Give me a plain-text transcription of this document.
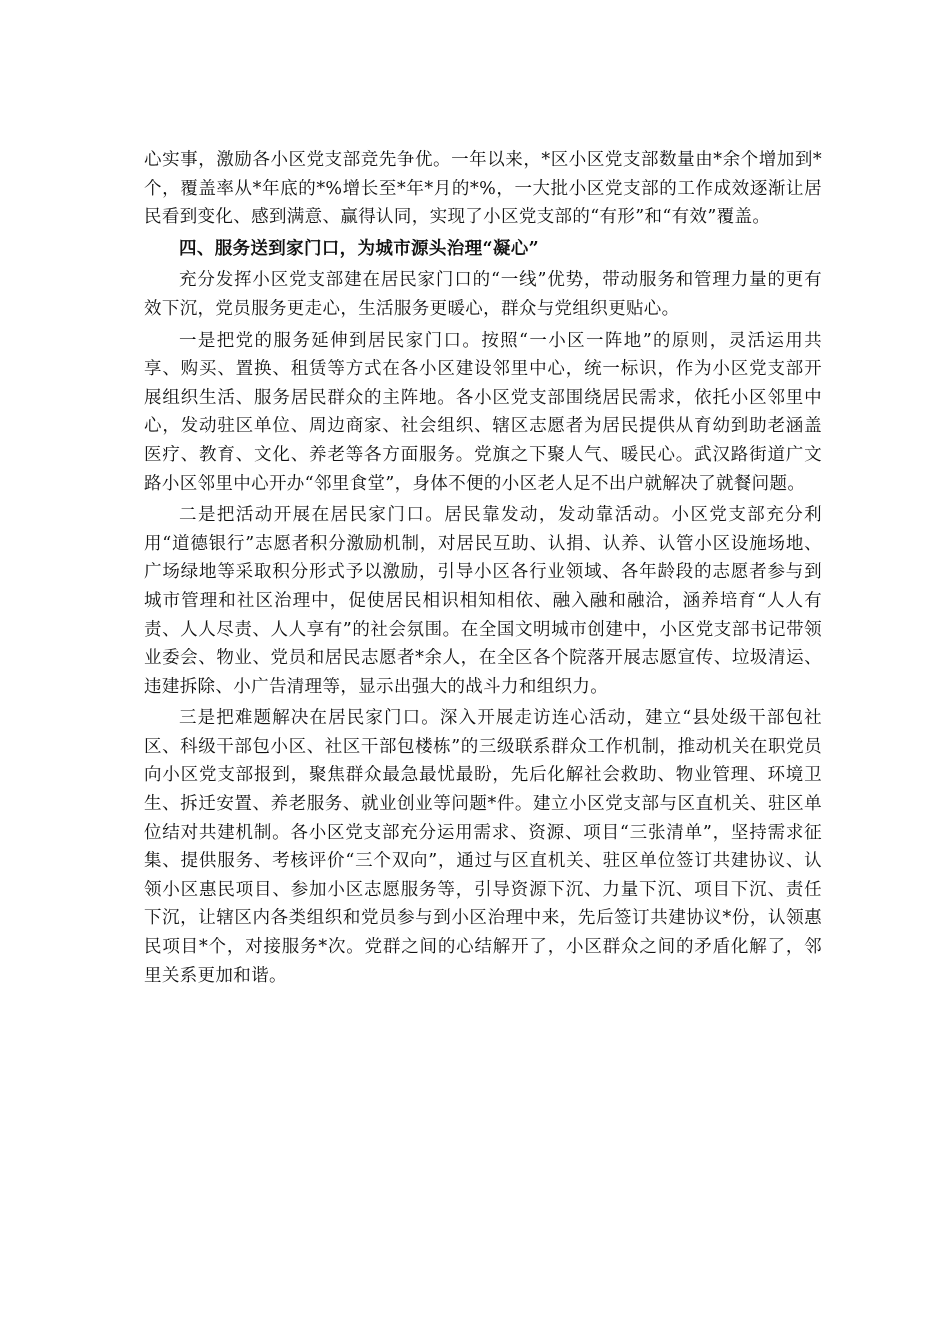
心实事，激励各小区党支部竞先争优。一年以来，*区小区党支部数量由*余个增加到*个，覆盖率从*年底的*%增长至*年*月的*%，一大批小区党支部的工作成效逐渐让居民看到变化、感到满意、赢得认同，实现了小区党支部的“有形”和“有效”覆盖。

四、服务送到家门口，为城市源头治理“凝心”

充分发挥小区党支部建在居民家门口的“一线”优势，带动服务和管理力量的更有效下沉，党员服务更走心，生活服务更暖心，群众与党组织更贴心。

一是把党的服务延伸到居民家门口。按照“一小区一阵地”的原则，灵活运用共享、购买、置换、租赁等方式在各小区建设邻里中心，统一标识，作为小区党支部开展组织生活、服务居民群众的主阵地。各小区党支部围绕居民需求，依托小区邻里中心，发动驻区单位、周边商家、社会组织、辖区志愿者为居民提供从育幼到助老涵盖医疗、教育、文化、养老等各方面服务。党旗之下聚人气、暖民心。武汉路街道广文路小区邻里中心开办“邻里食堂”，身体不便的小区老人足不出户就解决了就餐问题。

二是把活动开展在居民家门口。居民靠发动，发动靠活动。小区党支部充分利用“道德银行”志愿者积分激励机制，对居民互助、认捐、认养、认管小区设施场地、广场绿地等采取积分形式予以激励，引导小区各行业领域、各年龄段的志愿者参与到城市管理和社区治理中，促使居民相识相知相依、融入融和融洽，涵养培育“人人有责、人人尽责、人人享有”的社会氛围。在全国文明城市创建中，小区党支部书记带领业委会、物业、党员和居民志愿者*余人，在全区各个院落开展志愿宣传、垃圾清运、违建拆除、小广告清理等，显示出强大的战斗力和组织力。

三是把难题解决在居民家门口。深入开展走访连心活动，建立“县处级干部包社区、科级干部包小区、社区干部包楼栋”的三级联系群众工作机制，推动机关在职党员向小区党支部报到，聚焦群众最急最忧最盼，先后化解社会救助、物业管理、环境卫生、拆迁安置、养老服务、就业创业等问题*件。建立小区党支部与区直机关、驻区单位结对共建机制。各小区党支部充分运用需求、资源、项目“三张清单”，坚持需求征集、提供服务、考核评价“三个双向”，通过与区直机关、驻区单位签订共建协议、认领小区惠民项目、参加小区志愿服务等，引导资源下沉、力量下沉、项目下沉、责任下沉，让辖区内各类组织和党员参与到小区治理中来，先后签订共建协议*份，认领惠民项目*个，对接服务*次。党群之间的心结解开了，小区群众之间的矛盾化解了，邻里关系更加和谐。
